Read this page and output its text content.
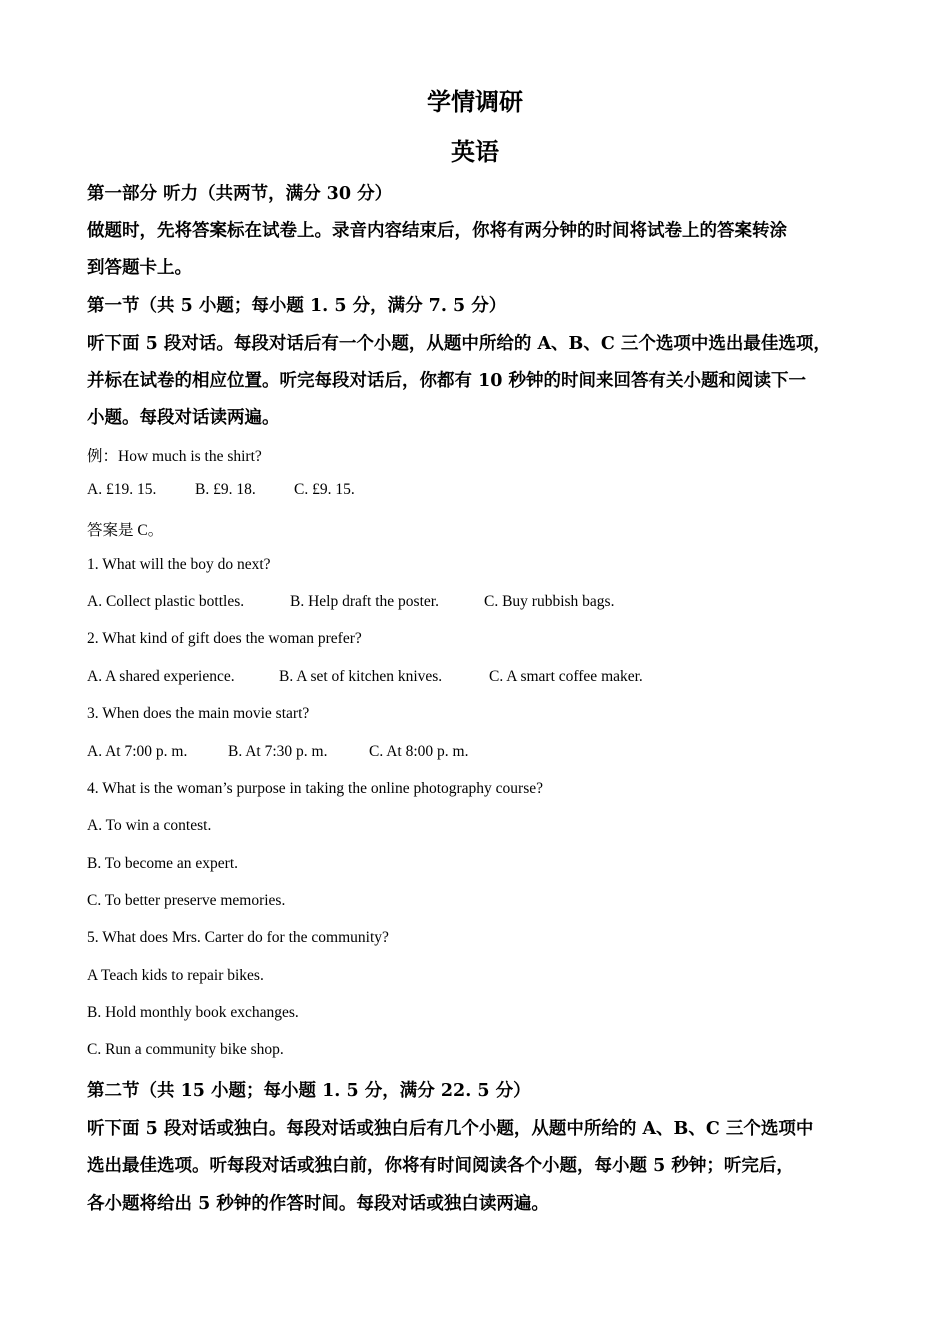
学情调研
英语
第一部分 听力（共两节，满分 30 分）
做题时，先将答案标在试卷上。录音内容结束后，你将有两分钟的时间将试卷上的答案转涂
到答题卡上。
第一节（共 5 小题；每小题 1. 5 分，满分 7. 5 分）
听下面 5 段对话。每段对话后有一个小题，从题中所给的 A、B、C 三个选项中选出最佳选项，
并标在试卷的相应位置。听完每段对话后，你都有 10 秒钟的时间来回答有关小题和阅读下一
小题。每段对话读两遍。
例：How much is the shirt?
A. £19. 15. B. £9. 18. C. £9. 15.
答案是 C。
1. What will the boy do next?
A. Collect plastic bottles.	B. Help draft the poster.	C. Buy rubbish bags.
2. What kind of gift does the woman prefer?
A. A shared experience.	B. A set of kitchen knives.	C. A smart coffee maker.
3. When does the main movie start?
A. At 7:00 p. m.	B. At 7:30 p. m.	C. At 8:00 p. m.
4. What is the woman’s purpose in taking the online photography course?
A. To win a contest.
B. To become an expert.
C. To better preserve memories.
5. What does Mrs. Carter do for the community?
A Teach kids to repair bikes.
B. Hold monthly book exchanges.
C. Run a community bike shop.
第二节（共 15 小题；每小题 1. 5 分，满分 22. 5 分）
听下面 5 段对话或独白。每段对话或独白后有几个小题，从题中所给的 A、B、C 三个选项中
选出最佳选项。听每段对话或独白前，你将有时间阅读各个小题，每小题 5 秒钟；听完后，
各小题将给出 5 秒钟的作答时间。每段对话或独白读两遍。
